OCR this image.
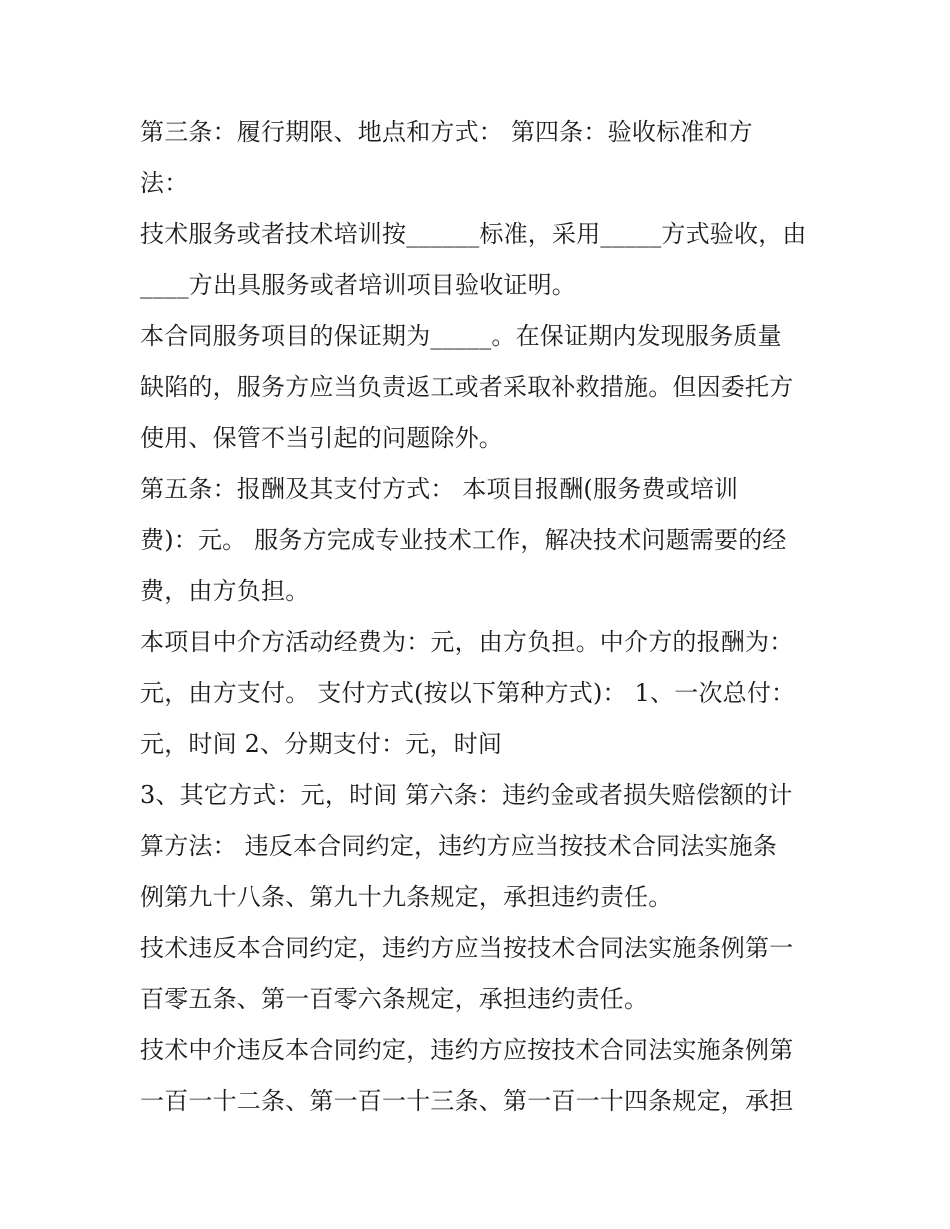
第三条：履行期限、地点和方式： 第四条：验收标准和方
法：
技术服务或者技术培训按______标准，采用_____方式验收，由
____方出具服务或者培训项目验收证明。
本合同服务项目的保证期为_____。在保证期内发现服务质量
缺陷的，服务方应当负责返工或者采取补救措施。但因委托方
使用、保管不当引起的问题除外。
第五条：报酬及其支付方式： 本项目报酬(服务费或培训
费)：元。 服务方完成专业技术工作，解决技术问题需要的经
费，由方负担。
本项目中介方活动经费为：元，由方负担。中介方的报酬为：
元，由方支付。 支付方式(按以下第种方式)： 1、一次总付：
元，时间 2、分期支付：元，时间
3、其它方式：元，时间 第六条：违约金或者损失赔偿额的计
算方法： 违反本合同约定，违约方应当按技术合同法实施条
例第九十八条、第九十九条规定，承担违约责任。
技术违反本合同约定，违约方应当按技术合同法实施条例第一
百零五条、第一百零六条规定，承担违约责任。
技术中介违反本合同约定，违约方应按技术合同法实施条例第
一百一十二条、第一百一十三条、第一百一十四条规定，承担
